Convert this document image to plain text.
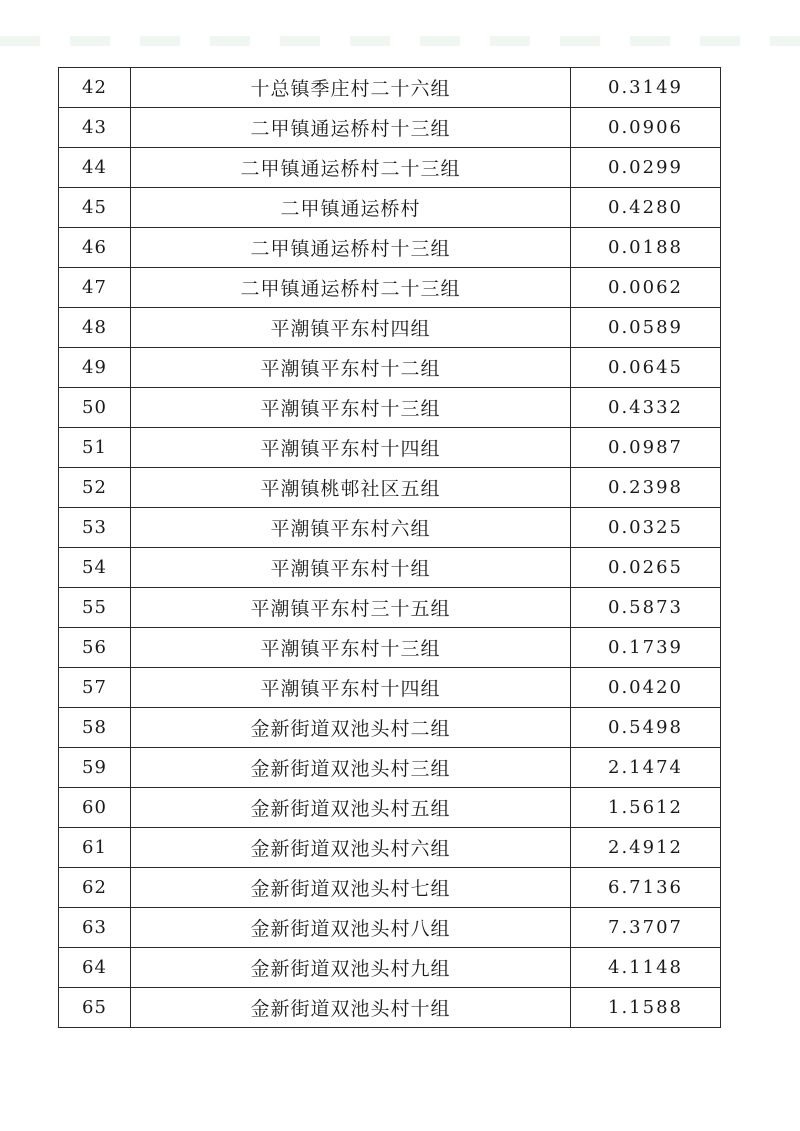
42	十总镇季庄村二十六组	0.3149
43	二甲镇通运桥村十三组	0.0906
44	二甲镇通运桥村二十三组	0.0299
45	二甲镇通运桥村	0.4280
46	二甲镇通运桥村十三组	0.0188
47	二甲镇通运桥村二十三组	0.0062
48	平潮镇平东村四组	0.0589
49	平潮镇平东村十二组	0.0645
50	平潮镇平东村十三组	0.4332
51	平潮镇平东村十四组	0.0987
52	平潮镇桃邨社区五组	0.2398
53	平潮镇平东村六组	0.0325
54	平潮镇平东村十组	0.0265
55	平潮镇平东村三十五组	0.5873
56	平潮镇平东村十三组	0.1739
57	平潮镇平东村十四组	0.0420
58	金新街道双池头村二组	0.5498
59	金新街道双池头村三组	2.1474
60	金新街道双池头村五组	1.5612
61	金新街道双池头村六组	2.4912
62	金新街道双池头村七组	6.7136
63	金新街道双池头村八组	7.3707
64	金新街道双池头村九组	4.1148
65	金新街道双池头村十组	1.1588
